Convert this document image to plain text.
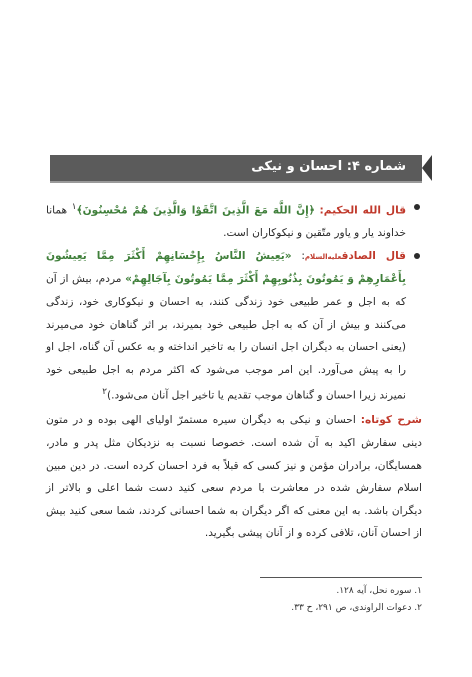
شماره ۴: احسان و نیکی

قال الله الحکیم: ﴿إِنَّ اللَّهَ مَعَ الَّذِینَ اتَّقَوْا وَالَّذِینَ هُمْ مُحْسِنُونَ﴾$^۱$ همانا خداوند یار و یاور متّقین و نیکوکاران است.

قال الصادقعلیه‌السلام: «یَعِیشُ النَّاسُ بِإِحْسَانِهِمْ أَکْثَرَ مِمَّا یَعِیشُونَ بِأَعْمَارِهِمْ وَ یَمُوتُونَ بِذُنُوبِهِمْ أَکْثَرَ مِمَّا یَمُوتُونَ بِآجَالِهِمْ» مردم، بیش از آن که به اجل و عمر طبیعی خود زندگی کنند، به احسان و نیکوکاری خود، زندگی می‌کنند و بیش از آن که به اجل طبیعی خود بمیرند، بر اثر گناهان خود می‌میرند (یعنی احسان به دیگران اجل انسان را به تاخیر انداخته و به عکس آن گناه، اجل او را به پیش می‌آورد. این امر موجب می‌شود که اکثر مردم به اجل طبیعی خود نمیرند زیرا احسان و گناهان موجب تقدیم یا تاخیر اجل آنان می‌شود.)$^۲$

شرح کوتاه: احسان و نیکی به دیگران سیره مستمرّ اولیای الهی بوده و در متون دینی سفارش اکید به آن شده است. خصوصا نسبت به نزدیکان مثل پدر و مادر، همسایگان، برادران مؤمن و نیز کسی که قبلاً به فرد احسان کرده است. در دین مبین اسلام سفارش شده در معاشرت با مردم سعی کنید دست شما اعلی و بالاتر از دیگران باشد. به این معنی که اگر دیگران به شما احسانی کردند، شما سعی کنید بیش از احسان آنان، تلافی کرده و از آنان پیشی بگیرید.

۱. سوره نحل، آیه ۱۲۸.

۲. دعوات الراوندی، ص ۲۹۱، ح ۳۳.
